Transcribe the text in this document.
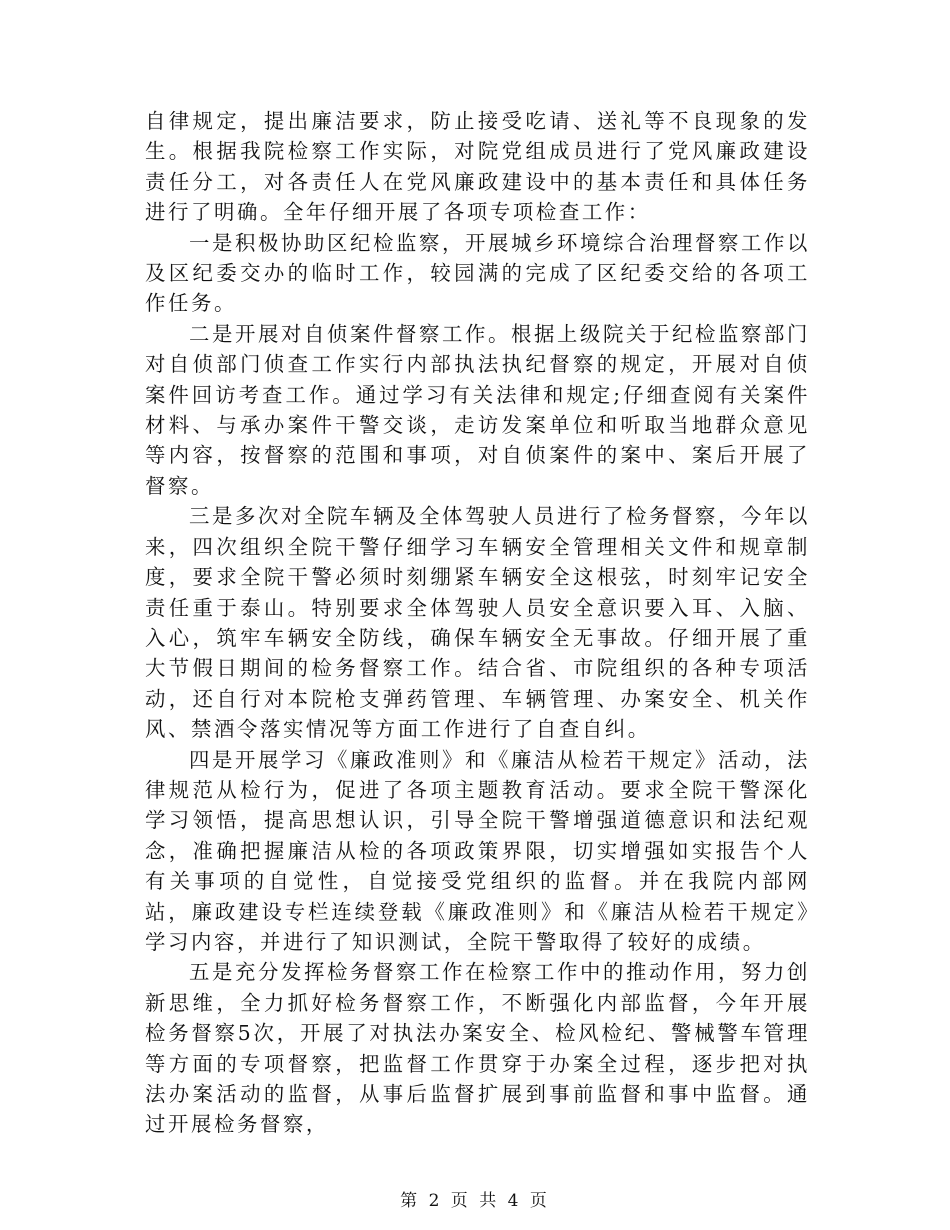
自律规定，提出廉洁要求，防止接受吃请、送礼等不良现象的发生。根据我院检察工作实际，对院党组成员进行了党风廉政建设责任分工，对各责任人在党风廉政建设中的基本责任和具体任务进行了明确。全年仔细开展了各项专项检查工作：

一是积极协助区纪检监察，开展城乡环境综合治理督察工作以及区纪委交办的临时工作，较园满的完成了区纪委交给的各项工作任务。

二是开展对自侦案件督察工作。根据上级院关于纪检监察部门对自侦部门侦查工作实行内部执法执纪督察的规定，开展对自侦案件回访考查工作。通过学习有关法律和规定;仔细查阅有关案件材料、与承办案件干警交谈，走访发案单位和听取当地群众意见等内容，按督察的范围和事项，对自侦案件的案中、案后开展了督察。

三是多次对全院车辆及全体驾驶人员进行了检务督察，今年以来，四次组织全院干警仔细学习车辆安全管理相关文件和规章制度，要求全院干警必须时刻绷紧车辆安全这根弦，时刻牢记安全责任重于泰山。特别要求全体驾驶人员安全意识要入耳、入脑、入心，筑牢车辆安全防线，确保车辆安全无事故。仔细开展了重大节假日期间的检务督察工作。结合省、市院组织的各种专项活动，还自行对本院枪支弹药管理、车辆管理、办案安全、机关作风、禁酒令落实情况等方面工作进行了自查自纠。

四是开展学习《廉政准则》和《廉洁从检若干规定》活动，法律规范从检行为，促进了各项主题教育活动。要求全院干警深化学习领悟，提高思想认识，引导全院干警增强道德意识和法纪观念，准确把握廉洁从检的各项政策界限，切实增强如实报告个人有关事项的自觉性，自觉接受党组织的监督。并在我院内部网站，廉政建设专栏连续登载《廉政准则》和《廉洁从检若干规定》学习内容，并进行了知识测试，全院干警取得了较好的成绩。

五是充分发挥检务督察工作在检察工作中的推动作用，努力创新思维，全力抓好检务督察工作，不断强化内部监督，今年开展检务督察5次，开展了对执法办案安全、检风检纪、警械警车管理等方面的专项督察，把监督工作贯穿于办案全过程，逐步把对执法办案活动的监督，从事后监督扩展到事前监督和事中监督。通过开展检务督察，

第 2 页 共 4 页
